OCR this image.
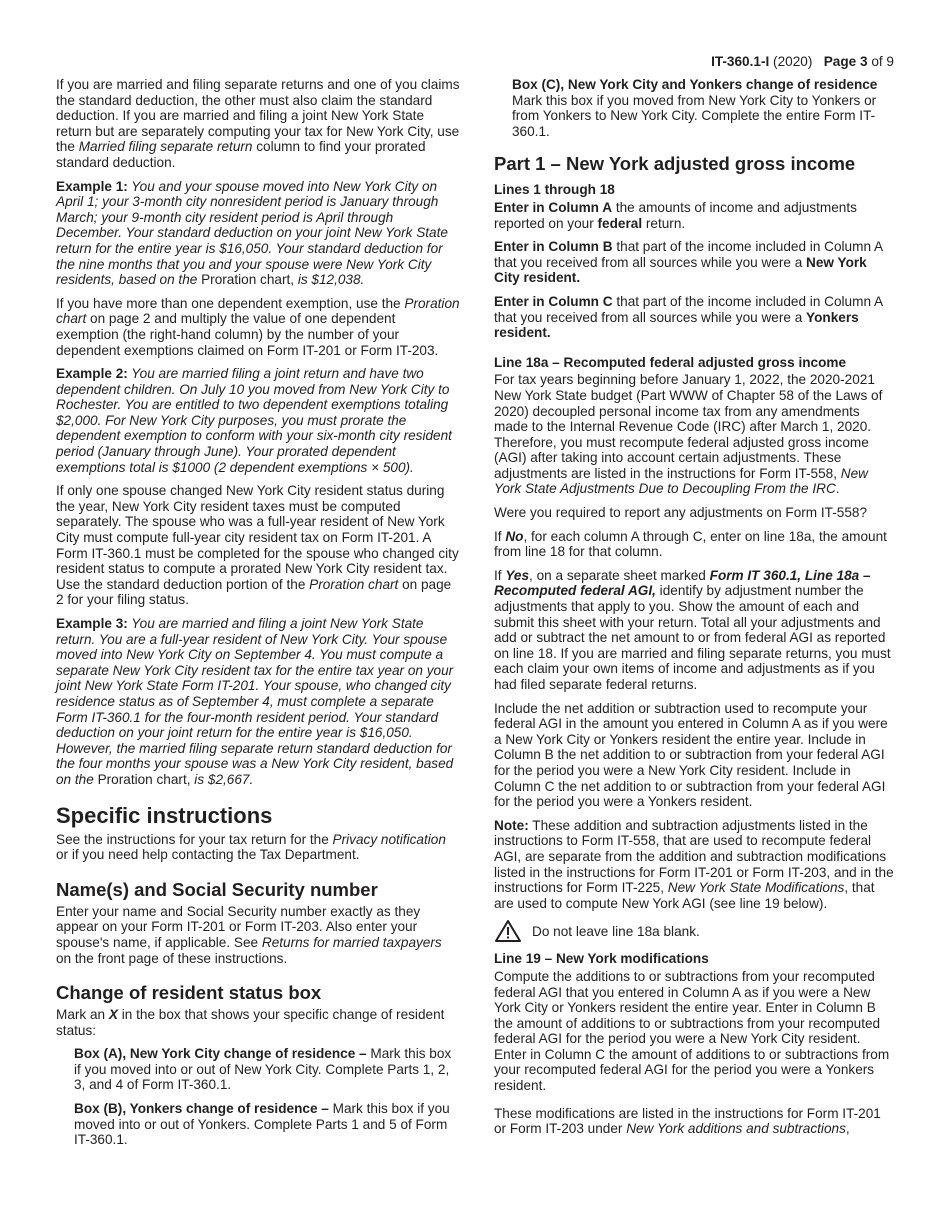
IT-360.1-I (2020) Page 3 of 9

If you are married and filing separate returns and one of you claims the standard deduction, the other must also claim the standard deduction. If you are married and filing a joint New York State return but are separately computing your tax for New York City, use the Married filing separate return column to find your prorated standard deduction.

Example 1: You and your spouse moved into New York City on April 1; your 3-month city nonresident period is January through March; your 9-month city resident period is April through December. Your standard deduction on your joint New York State return for the entire year is $16,050. Your standard deduction for the nine months that you and your spouse were New York City residents, based on the Proration chart, is $12,038.

If you have more than one dependent exemption, use the Proration chart on page 2 and multiply the value of one dependent exemption (the right-hand column) by the number of your dependent exemptions claimed on Form IT-201 or Form IT-203.

Example 2: You are married filing a joint return and have two dependent children. On July 10 you moved from New York City to Rochester. You are entitled to two dependent exemptions totaling $2,000. For New York City purposes, you must prorate the dependent exemption to conform with your six-month city resident period (January through June). Your prorated dependent exemptions total is $1000 (2 dependent exemptions × 500).

If only one spouse changed New York City resident status during the year, New York City resident taxes must be computed separately. The spouse who was a full-year resident of New York City must compute full-year city resident tax on Form IT-201. A Form IT-360.1 must be completed for the spouse who changed city resident status to compute a prorated New York City resident tax. Use the standard deduction portion of the Proration chart on page 2 for your filing status.

Example 3: You are married and filing a joint New York State return. You are a full-year resident of New York City. Your spouse moved into New York City on September 4. You must compute a separate New York City resident tax for the entire tax year on your joint New York State Form IT-201. Your spouse, who changed city residence status as of September 4, must complete a separate Form IT-360.1 for the four-month resident period. Your standard deduction on your joint return for the entire year is $16,050. However, the married filing separate return standard deduction for the four months your spouse was a New York City resident, based on the Proration chart, is $2,667.

Specific instructions

See the instructions for your tax return for the Privacy notification or if you need help contacting the Tax Department.

Name(s) and Social Security number

Enter your name and Social Security number exactly as they appear on your Form IT-201 or Form IT-203. Also enter your spouse's name, if applicable. See Returns for married taxpayers on the front page of these instructions.

Change of resident status box

Mark an X in the box that shows your specific change of resident status:

Box (A), New York City change of residence – Mark this box if you moved into or out of New York City. Complete Parts 1, 2, 3, and 4 of Form IT-360.1.

Box (B), Yonkers change of residence – Mark this box if you moved into or out of Yonkers. Complete Parts 1 and 5 of Form IT-360.1.

Box (C), New York City and Yonkers change of residence
Mark this box if you moved from New York City to Yonkers or from Yonkers to New York City. Complete the entire Form IT-360.1.

Part 1 – New York adjusted gross income
Lines 1 through 18

Enter in Column A the amounts of income and adjustments reported on your federal return.

Enter in Column B that part of the income included in Column A that you received from all sources while you were a New York City resident.

Enter in Column C that part of the income included in Column A that you received from all sources while you were a Yonkers resident.

Line 18a – Recomputed federal adjusted gross income

For tax years beginning before January 1, 2022, the 2020-2021 New York State budget (Part WWW of Chapter 58 of the Laws of 2020) decoupled personal income tax from any amendments made to the Internal Revenue Code (IRC) after March 1, 2020. Therefore, you must recompute federal adjusted gross income (AGI) after taking into account certain adjustments. These adjustments are listed in the instructions for Form IT-558, New York State Adjustments Due to Decoupling From the IRC.

Were you required to report any adjustments on Form IT-558?

If No, for each column A through C, enter on line 18a, the amount from line 18 for that column.

If Yes, on a separate sheet marked Form IT 360.1, Line 18a – Recomputed federal AGI, identify by adjustment number the adjustments that apply to you. Show the amount of each and submit this sheet with your return. Total all your adjustments and add or subtract the net amount to or from federal AGI as reported on line 18. If you are married and filing separate returns, you must each claim your own items of income and adjustments as if you had filed separate federal returns.

Include the net addition or subtraction used to recompute your federal AGI in the amount you entered in Column A as if you were a New York City or Yonkers resident the entire year. Include in Column B the net addition to or subtraction from your federal AGI for the period you were a New York City resident. Include in Column C the net addition to or subtraction from your federal AGI for the period you were a Yonkers resident.

Note: These addition and subtraction adjustments listed in the instructions to Form IT-558, that are used to recompute federal AGI, are separate from the addition and subtraction modifications listed in the instructions for Form IT-201 or Form IT-203, and in the instructions for Form IT-225, New York State Modifications, that are used to compute New York AGI (see line 19 below).

Do not leave line 18a blank.
Line 19 – New York modifications

Compute the additions to or subtractions from your recomputed federal AGI that you entered in Column A as if you were a New York City or Yonkers resident the entire year. Enter in Column B the amount of additions to or subtractions from your recomputed federal AGI for the period you were a New York City resident. Enter in Column C the amount of additions to or subtractions from your recomputed federal AGI for the period you were a Yonkers resident.

These modifications are listed in the instructions for Form IT-201 or Form IT-203 under New York additions and subtractions,
